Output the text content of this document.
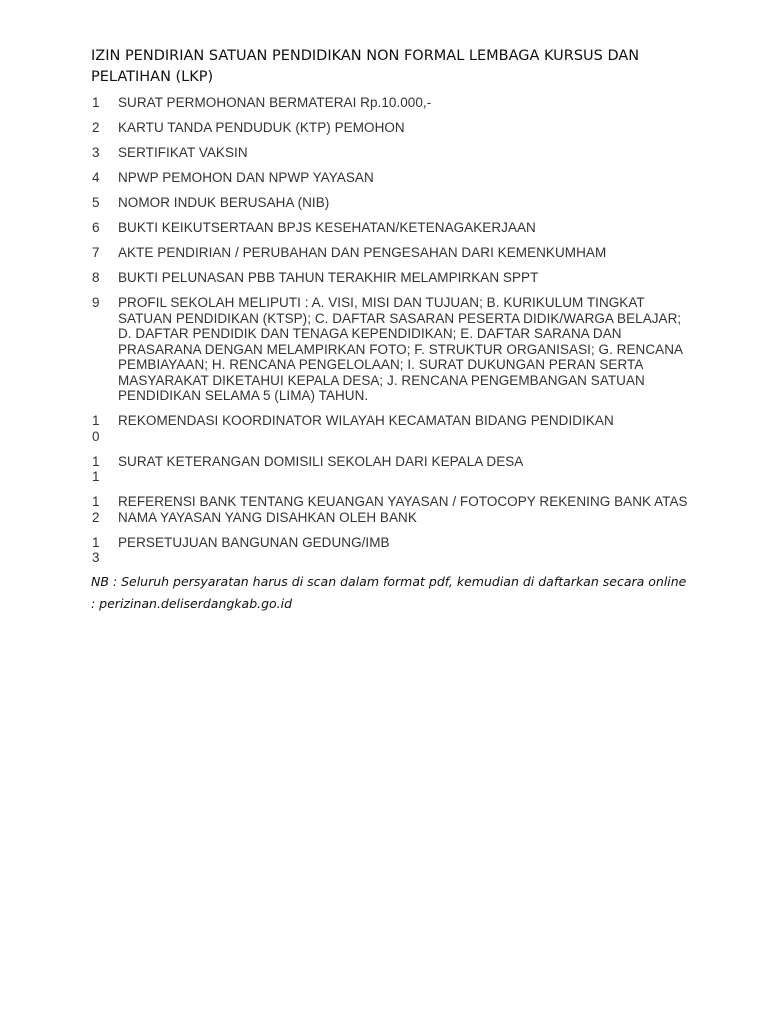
IZIN PENDIRIAN SATUAN PENDIDIKAN NON FORMAL LEMBAGA KURSUS DAN PELATIHAN (LKP)
1 SURAT PERMOHONAN BERMATERAI Rp.10.000,-
2 KARTU TANDA PENDUDUK (KTP) PEMOHON
3 SERTIFIKAT VAKSIN
4 NPWP PEMOHON DAN NPWP YAYASAN
5 NOMOR INDUK BERUSAHA (NIB)
6 BUKTI KEIKUTSERTAAN BPJS KESEHATAN/KETENAGAKERJAAN
7 AKTE PENDIRIAN / PERUBAHAN DAN PENGESAHAN DARI KEMENKUMHAM
8 BUKTI PELUNASAN PBB TAHUN TERAKHIR MELAMPIRKAN SPPT
9 PROFIL SEKOLAH MELIPUTI : A. VISI, MISI DAN TUJUAN; B. KURIKULUM TINGKAT SATUAN PENDIDIKAN (KTSP); C. DAFTAR SASARAN PESERTA DIDIK/WARGA BELAJAR; D. DAFTAR PENDIDIK DAN TENAGA KEPENDIDIKAN; E. DAFTAR SARANA DAN PRASARANA DENGAN MELAMPIRKAN FOTO; F. STRUKTUR ORGANISASI; G. RENCANA PEMBIAYAAN; H. RENCANA PENGELOLAAN; I. SURAT DUKUNGAN PERAN SERTA MASYARAKAT DIKETAHUI KEPALA DESA; J. RENCANA PENGEMBANGAN SATUAN PENDIDIKAN SELAMA 5 (LIMA) TAHUN.
10
REKOMENDASI KOORDINATOR WILAYAH KECAMATAN BIDANG PENDIDIKAN
11
SURAT KETERANGAN DOMISILI SEKOLAH DARI KEPALA DESA
12
REFERENSI BANK TENTANG KEUANGAN YAYASAN / FOTOCOPY REKENING BANK ATAS NAMA YAYASAN YANG DISAHKAN OLEH BANK
13
PERSETUJUAN BANGUNAN GEDUNG/IMB
NB : Seluruh persyaratan harus di scan dalam format pdf, kemudian di daftarkan secara online : perizinan.deliserdangkab.go.id
